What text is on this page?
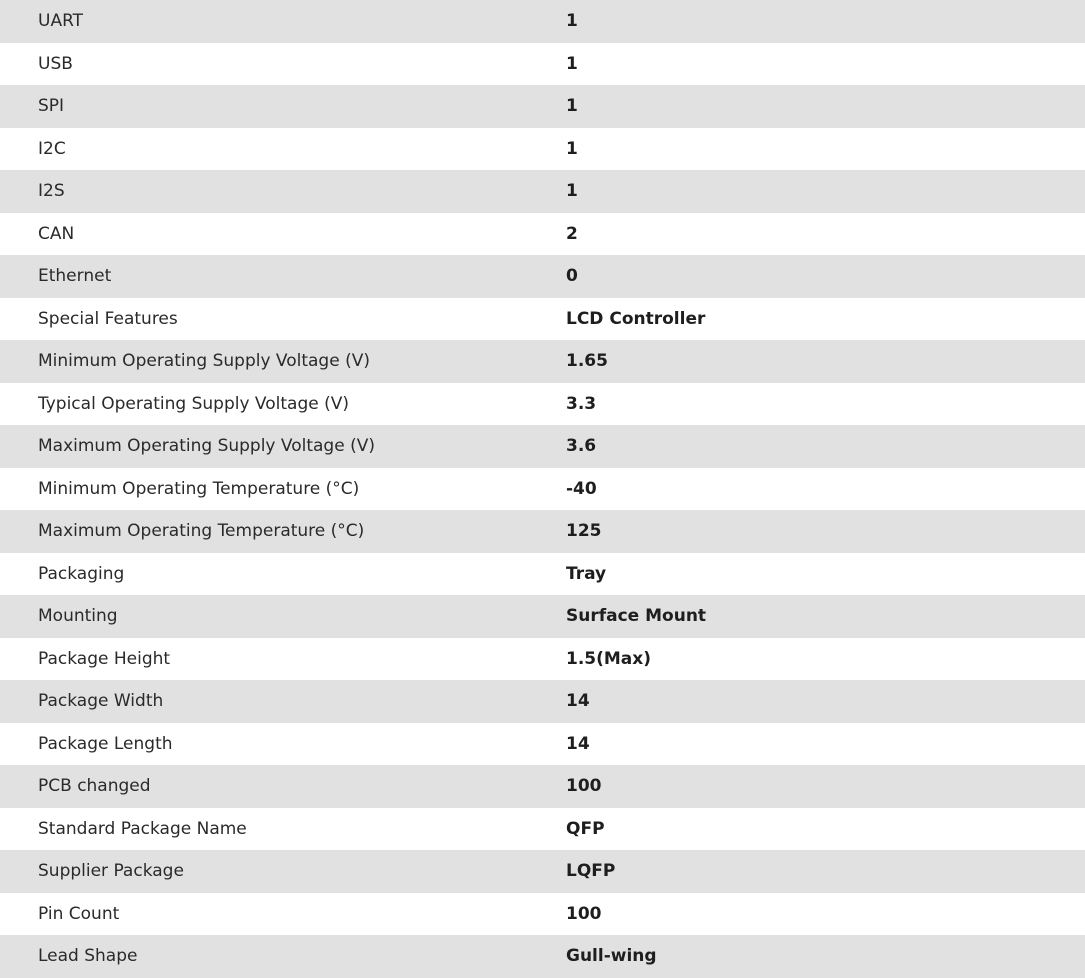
UART	1
USB	1
SPI	1
I2C	1
I2S	1
CAN	2
Ethernet	0
Special Features	LCD Controller
Minimum Operating Supply Voltage (V)	1.65
Typical Operating Supply Voltage (V)	3.3
Maximum Operating Supply Voltage (V)	3.6
Minimum Operating Temperature (°C)	-40
Maximum Operating Temperature (°C)	125
Packaging	Tray
Mounting	Surface Mount
Package Height	1.5(Max)
Package Width	14
Package Length	14
PCB changed	100
Standard Package Name	QFP
Supplier Package	LQFP
Pin Count	100
Lead Shape	Gull-wing
